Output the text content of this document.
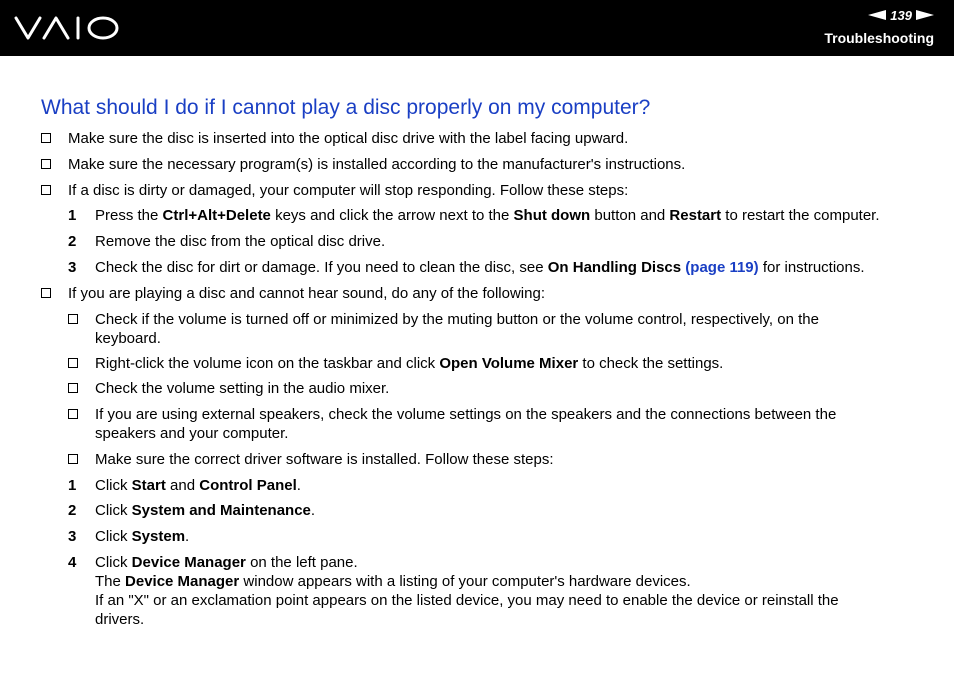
139
Troubleshooting
What should I do if I cannot play a disc properly on my computer?
Make sure the disc is inserted into the optical disc drive with the label facing upward.
Make sure the necessary program(s) is installed according to the manufacturer's instructions.
If a disc is dirty or damaged, your computer will stop responding. Follow these steps:
1 Press the Ctrl+Alt+Delete keys and click the arrow next to the Shut down button and Restart to restart the computer.
2 Remove the disc from the optical disc drive.
3 Check the disc for dirt or damage. If you need to clean the disc, see On Handling Discs (page 119) for instructions.
If you are playing a disc and cannot hear sound, do any of the following:
Check if the volume is turned off or minimized by the muting button or the volume control, respectively, on the
keyboard.
Right-click the volume icon on the taskbar and click Open Volume Mixer to check the settings.
Check the volume setting in the audio mixer.
If you are using external speakers, check the volume settings on the speakers and the connections between the
speakers and your computer.
Make sure the correct driver software is installed. Follow these steps:
1 Click Start and Control Panel.
2 Click System and Maintenance.
3 Click System.
4 Click Device Manager on the left pane.
The Device Manager window appears with a listing of your computer's hardware devices.
If an "X" or an exclamation point appears on the listed device, you may need to enable the device or reinstall the
drivers.
